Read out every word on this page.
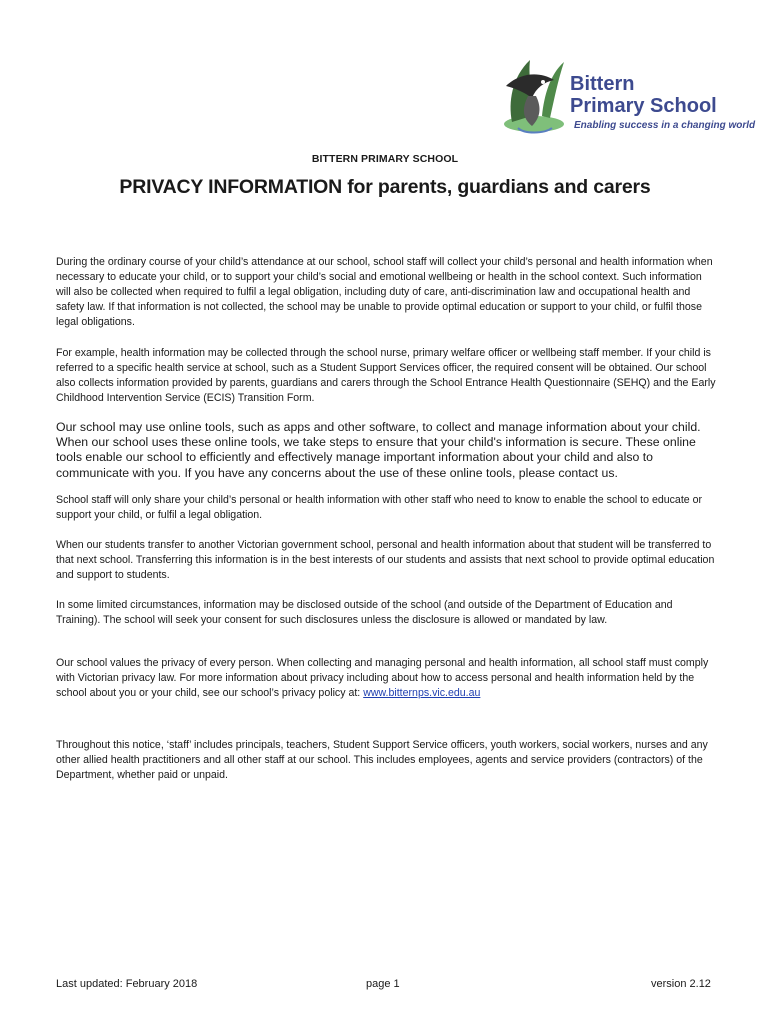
Bittern
Primary School
Enabling success in a changing world
BITTERN PRIMARY SCHOOL
PRIVACY INFORMATION for parents, guardians and carers

During the ordinary course of your child’s attendance at our school, school staff will collect your child’s personal and health information when necessary to educate your child, or to support your child’s social and emotional wellbeing or health in the school context. Such information will also be collected when required to fulfil a legal obligation, including duty of care, anti-discrimination law and occupational health and safety law. If that information is not collected, the school may be unable to provide optimal education or support to your child, or fulfil those legal obligations.

For example, health information may be collected through the school nurse, primary welfare officer or wellbeing staff member. If your child is referred to a specific health service at school, such as a Student Support Services officer, the required consent will be obtained. Our school also collects information provided by parents, guardians and carers through the School Entrance Health Questionnaire (SEHQ) and the Early Childhood Intervention Service (ECIS) Transition Form.

Our school may use online tools, such as apps and other software, to collect and manage information about your child. When our school uses these online tools, we take steps to ensure that your child's information is secure. These online tools enable our school to efficiently and effectively manage important information about your child and also to communicate with you. If you have any concerns about the use of these online tools, please contact us.

School staff will only share your child’s personal or health information with other staff who need to know to enable the school to educate or support your child, or fulfil a legal obligation.

When our students transfer to another Victorian government school, personal and health information about that student will be transferred to that next school. Transferring this information is in the best interests of our students and assists that next school to provide optimal education and support to students.

In some limited circumstances, information may be disclosed outside of the school (and outside of the Department of Education and Training). The school will seek your consent for such disclosures unless the disclosure is allowed or mandated by law.

Our school values the privacy of every person. When collecting and managing personal and health information, all school staff must comply with Victorian privacy law. For more information about privacy including about how to access personal and health information held by the school about you or your child, see our school’s privacy policy at: www.bitternps.vic.edu.au

Throughout this notice, ‘staff’ includes principals, teachers, Student Support Service officers, youth workers, social workers, nurses and any other allied health practitioners and all other staff at our school. This includes employees, agents and service providers (contractors) of the Department, whether paid or unpaid.

Last updated: February 2018	page 1	version 2.12
